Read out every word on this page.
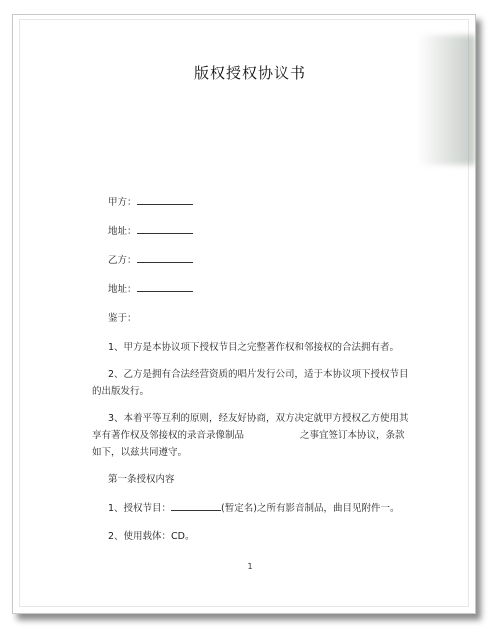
版权授权协议书
甲方：
地址：
乙方：
地址：
鉴于：
1、甲方是本协议项下授权节目之完整著作权和邻接权的合法拥有者。
2、乙方是拥有合法经营资质的唱片发行公司，适于本协议项下授权节目的出版发行。
3、本着平等互利的原则，经友好协商，双方决定就甲方授权乙方使用其享有著作权及邻接权的录音录像制品	之事宜签订本协议，条款如下，以兹共同遵守。
第一条授权内容
1、授权节目：	(暂定名)之所有影音制品，曲目见附件一。
2、使用载体：CD。
1
